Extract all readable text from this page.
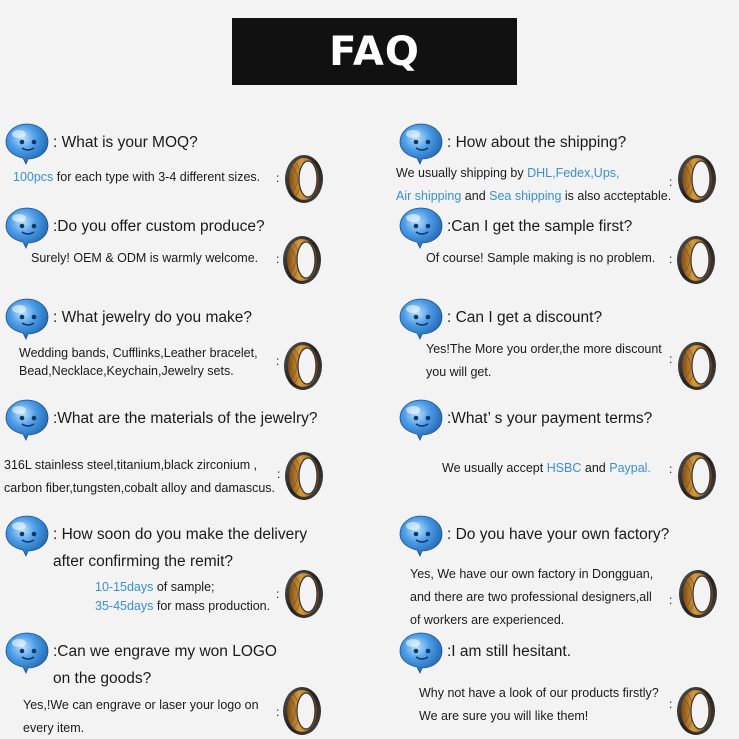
FAQ
: What is your MOQ?
100pcs for each type with 3-4 different sizes. :
:Do you offer custom produce?
Surely! OEM & ODM is warmly welcome. :
: What jewelry do you make?
Wedding bands, Cufflinks,Leather bracelet,
Bead,Necklace,Keychain,Jewelry sets.
:
:What are the materials of the jewelry?
316L stainless steel,titanium,black zirconium ,
carbon fiber,tungsten,cobalt alloy and damascus.
:
: How soon do you make the delivery
after confirming the remit?
10-15days of sample;
35-45days for mass production.
:
:Can we engrave my won LOGO
on the goods?
Yes,!We can engrave or laser your logo on
every item.
:
: How about the shipping?
We usually shipping by DHL,Fedex,Ups,
Air shipping and Sea shipping is also accteptable.
:
:Can I get the sample first?
Of course! Sample making is no problem. :
: Can I get a discount?
Yes!The More you order,the more discount
you will get.
:
:What’ s your payment terms?
We usually accept HSBC and Paypal. :
: Do you have your own factory?
Yes, We have our own factory in Dongguan,
and there are two professional designers,all
of workers are experienced.
:
:I am still hesitant.
Why not have a look of our products firstly?
We are sure you will like them!
:
